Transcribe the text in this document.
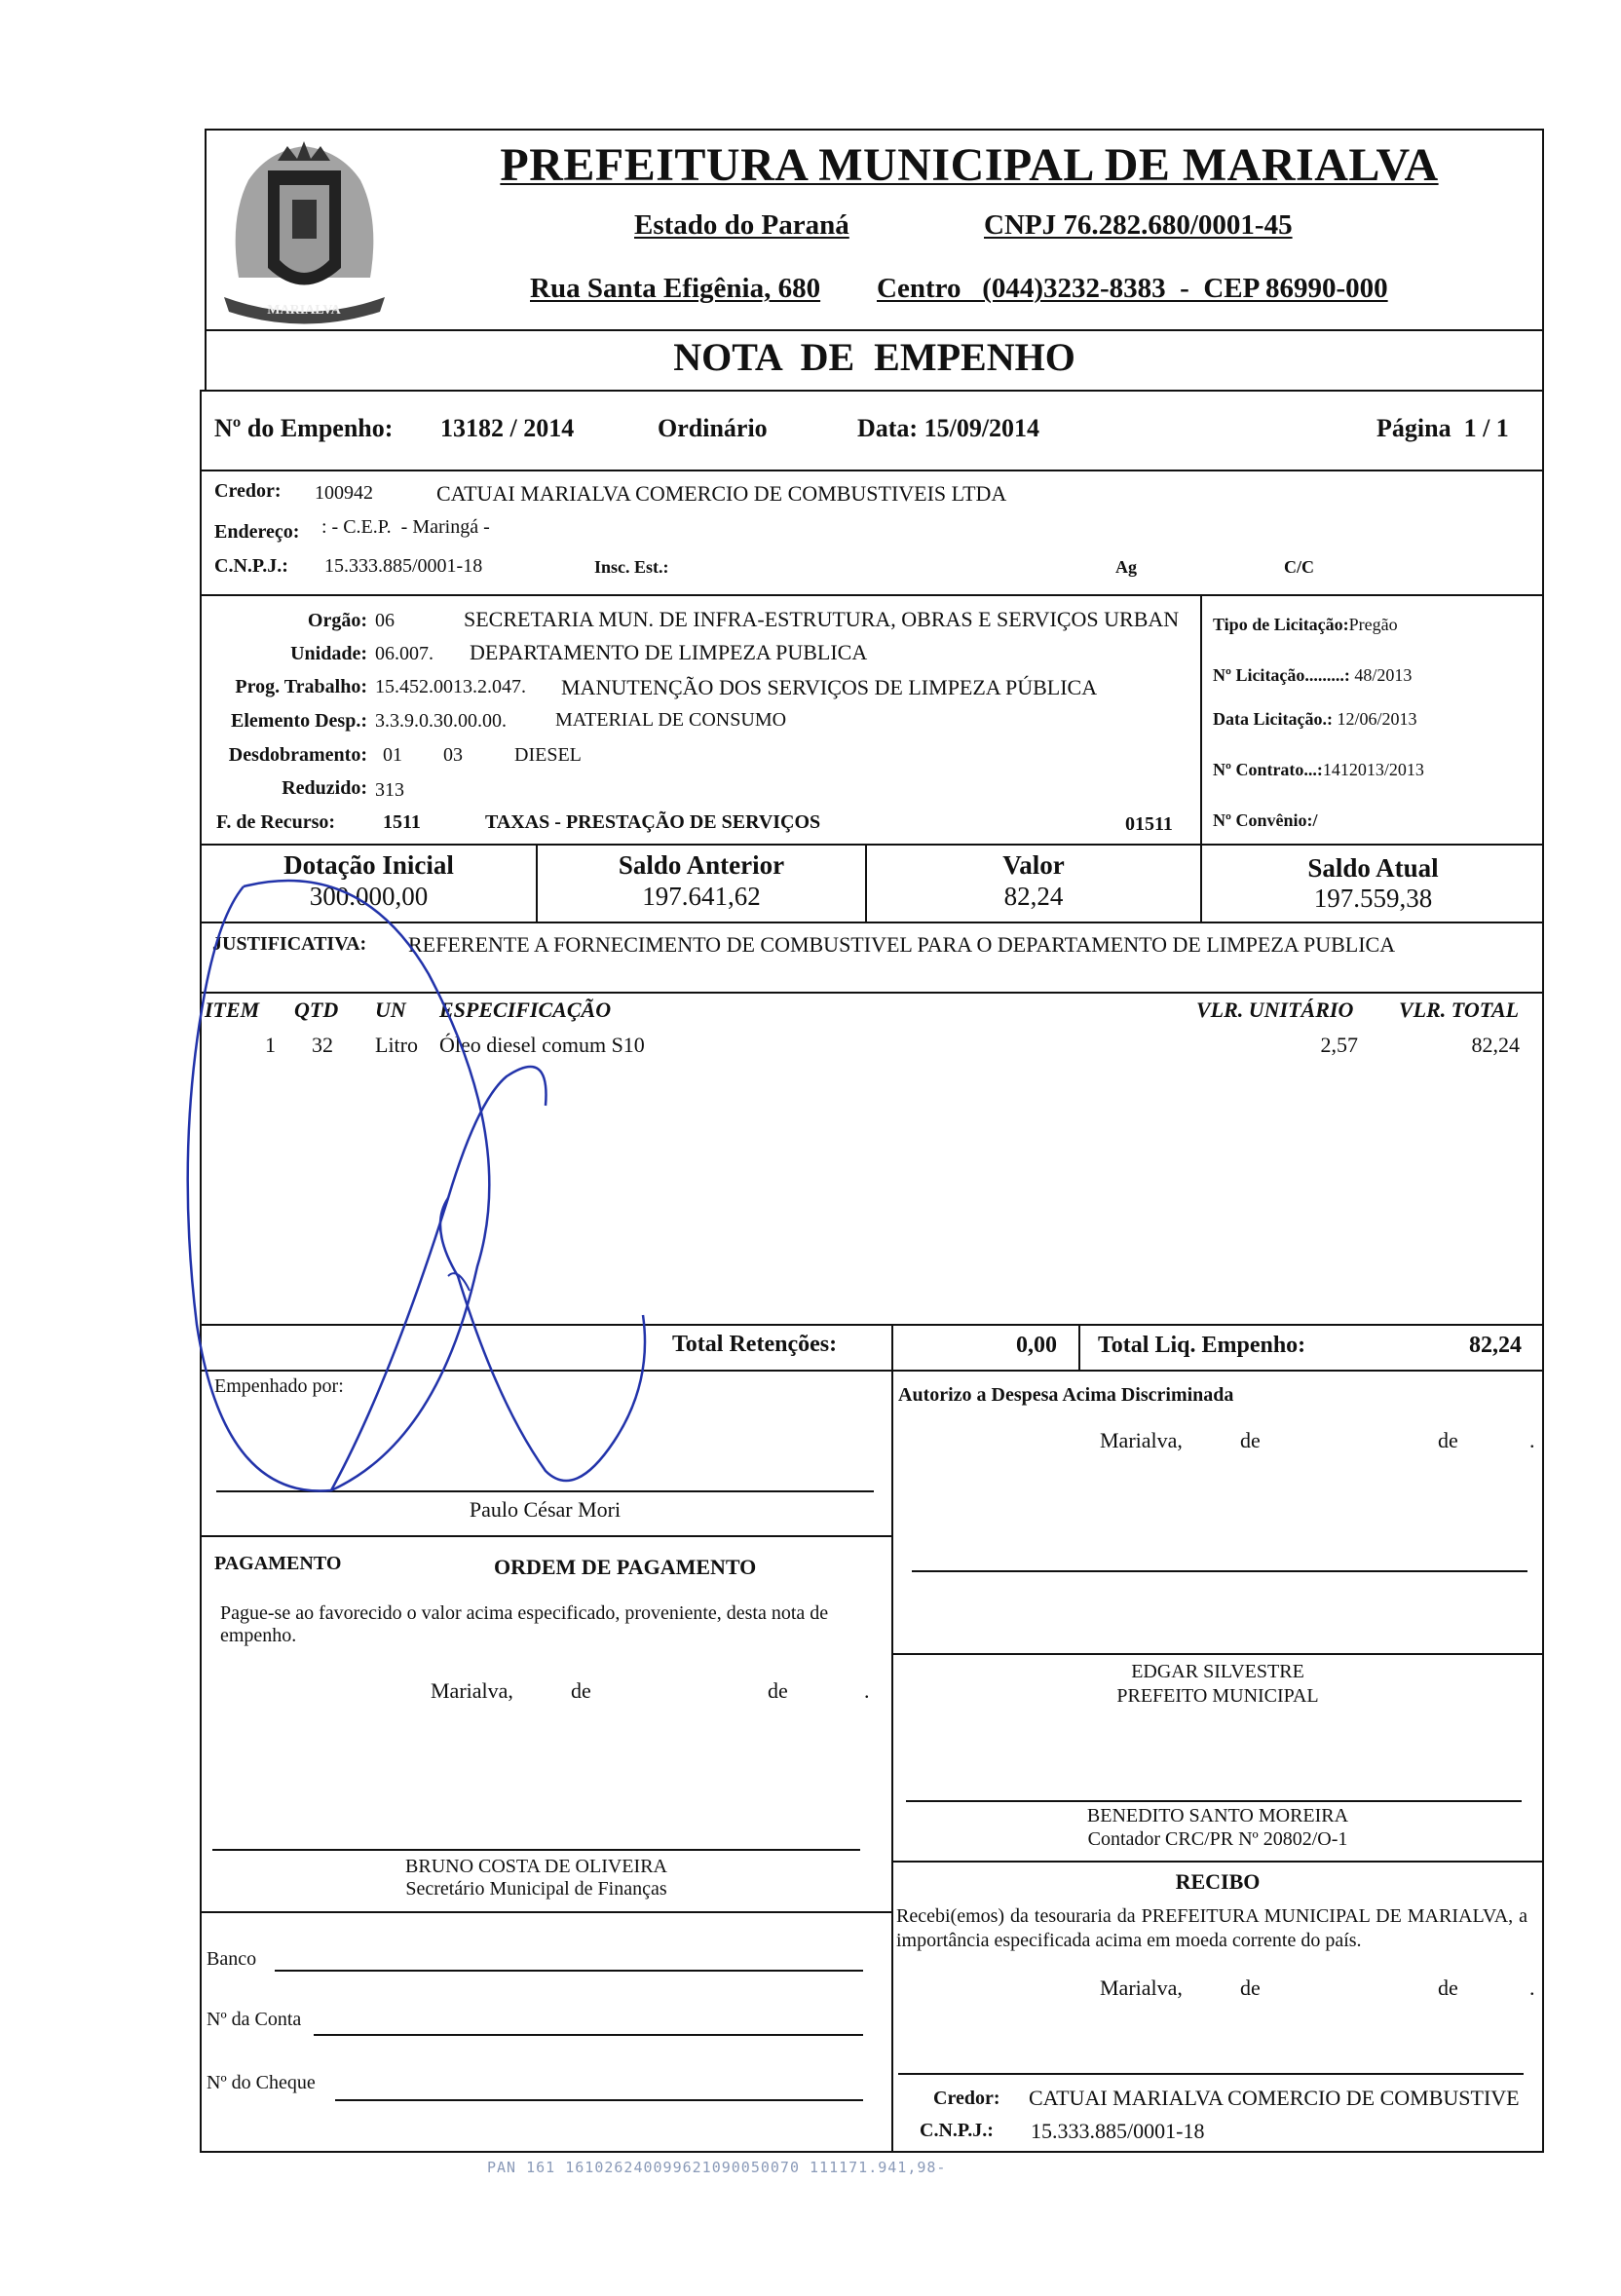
MARIALVA
PREFEITURA MUNICIPAL DE MARIALVA
Estado do Paraná	CNPJ 76.282.680/0001-45
Rua Santa Efigênia, 680 Centro   (044)3232-8383  -  CEP 86990-000
NOTA  DE  EMPENHO
Nº do Empenho: 13182 / 2014	Ordinário	Data: 15/09/2014	Página  1 / 1
Credor: 100942	CATUAI MARIALVA COMERCIO DE COMBUSTIVEIS LTDA
Endereço: : - C.E.P.  - Maringá -
C.N.P.J.: 15.333.885/0001-18	Insc. Est.:	Ag	C/C
Orgão: 06	SECRETARIA MUN. DE INFRA-ESTRUTURA, OBRAS E SERVIÇOS URBAN
Unidade: 06.007. DEPARTAMENTO DE LIMPEZA PUBLICA
Prog. Trabalho: 15.452.0013.2.047. MANUTENÇÃO DOS SERVIÇOS DE LIMPEZA PÚBLICA
Elemento Desp.: 3.3.9.0.30.00.00.	MATERIAL DE CONSUMO
Desdobramento: 01 03	DIESEL
Reduzido: 313
F. de Recurso: 1511	TAXAS - PRESTAÇÃO DE SERVIÇOS	01511
Tipo de Licitação:Pregão
Nº Licitação.........: 48/2013
Data Licitação.: 12/06/2013
Nº Contrato...:1412013/2013
Nº Convênio:/
Dotação Inicial
300.000,00
Saldo Anterior
197.641,62
Valor
82,24
Saldo Atual
197.559,38
JUSTIFICATIVA: REFERENTE A FORNECIMENTO DE COMBUSTIVEL PARA O DEPARTAMENTO DE LIMPEZA PUBLICA
ITEM QTD UN ESPECIFICAÇÃO	VLR. UNITÁRIO VLR. TOTAL
1 32 Litro Óleo diesel comum S10	2,57	82,24
Total Retenções:	0,00 Total Liq. Empenho:	82,24
Empenhado por:
Paulo César Mori
PAGAMENTO	ORDEM DE PAGAMENTO
Pague-se ao favorecido o valor acima especificado, proveniente, desta nota de empenho.
Marialva,	de	de	.
BRUNO COSTA DE OLIVEIRA
Secretário Municipal de Finanças
Banco
Nº da Conta
Nº do Cheque
Autorizo a Despesa Acima Discriminada
Marialva,	de	de	.
EDGAR SILVESTRE
PREFEITO MUNICIPAL
BENEDITO SANTO MOREIRA
Contador CRC/PR Nº 20802/O-1
RECIBO
Recebi(emos) da tesouraria da PREFEITURA MUNICIPAL DE MARIALVA, a importância especificada acima em moeda corrente do país.
Marialva,	de	de	.
Credor: CATUAI MARIALVA COMERCIO DE COMBUSTIVE
C.N.P.J.: 15.333.885/0001-18
PAN 161 161026240099621090050070 111171.941,98-
